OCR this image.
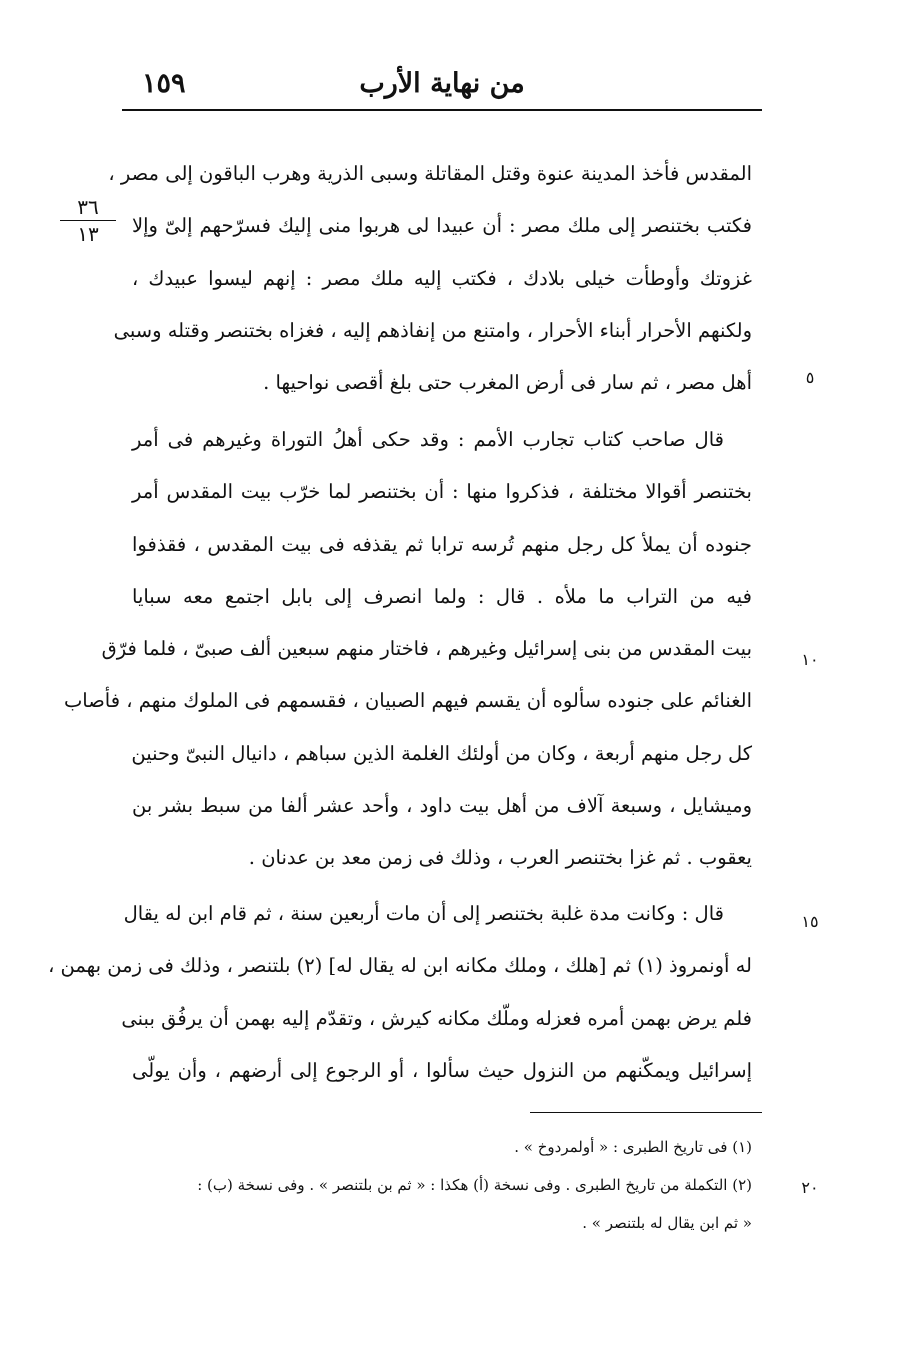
من نهاية الأرب
١٥٩
٣٦
١٣
٥
١٠
١٥
٢٠
المقدس فأخذ المدينة عنوة وقتل المقاتلة وسبى الذرية وهرب الباقون إلى مصر ،
فكتب بختنصر إلى ملك مصر : أن عبيدا لى هربوا منى إليك فسرّحهم إلىّ وإلا
غزوتك وأوطأت خيلى بلادك ، فكتب إليه ملك مصر : إنهم ليسوا عبيدك ،
ولكنهم الأحرار أبناء الأحرار ، وامتنع من إنفاذهم إليه ، فغزاه بختنصر وقتله وسبى
أهل مصر ، ثم سار فى أرض المغرب حتى بلغ أقصى نواحيها .
قال صاحب كتاب تجارب الأمم : وقد حكى أهلُ التوراة وغيرهم فى أمر
بختنصر أقوالا مختلفة ، فذكروا منها : أن بختنصر لما خرّب بيت المقدس أمر
جنوده أن يملأ كل رجل منهم تُرسه ترابا ثم يقذفه فى بيت المقدس ، فقذفوا
فيه من التراب ما ملأه . قال : ولما انصرف إلى بابل اجتمع معه سبايا
بيت المقدس من بنى إسرائيل وغيرهم ، فاختار منهم سبعين ألف صبىّ ، فلما فرّق
الغنائم على جنوده سألوه أن يقسم فيهم الصبيان ، فقسمهم فى الملوك منهم ، فأصاب
كل رجل منهم أربعة ، وكان من أولئك الغلمة الذين سباهم ، دانيال النبىّ وحنين
وميشايل ، وسبعة آلاف من أهل بيت داود ، وأحد عشر ألفا من سبط بشر بن
يعقوب . ثم غزا بختنصر العرب ، وذلك فى زمن معد بن عدنان .
قال : وكانت مدة غلبة بختنصر إلى أن مات أربعين سنة ، ثم قام ابن له يقال
له أونمروذ (١) ثم [هلك ، وملك مكانه ابن له يقال له] (٢) بلتنصر ، وذلك فى زمن بهمن ،
فلم يرض بهمن أمره فعزله وملّك مكانه كيرش ، وتقدّم إليه بهمن أن يرفُق ببنى
إسرائيل ويمكّنهم من النزول حيث سألوا ، أو الرجوع إلى أرضهم ، وأن يولّى
(١) فى تاريخ الطبرى : « أولمردوخ » .
(٢) التكملة من تاريخ الطبرى . وفى نسخة (أ) هكذا : « ثم بن بلتنصر » . وفى نسخة (ب) :
« ثم ابن يقال له بلتنصر » .
